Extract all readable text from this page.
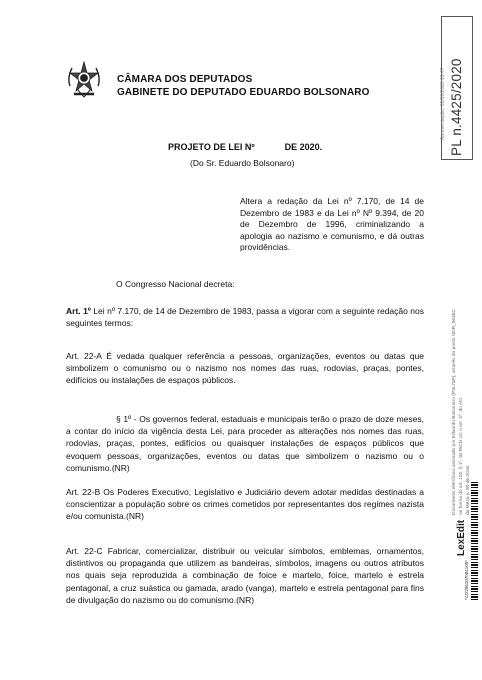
CÂMARA DOS DEPUTADOS
GABINETE DO DEPUTADO EDUARDO BOLSONARO
PROJETO DE LEI Nº            DE 2020.
(Do Sr. Eduardo Bolsonaro)
Altera a redação da Lei nº 7.170, de 14 de Dezembro de 1983 e da Lei nº Nº 9.394, de 20 de Dezembro de 1996, criminalizando a apologia ao nazismo e comunismo, e dá outras providências.
O Congresso Nacional decreta:
Art. 1º Lei nº 7.170, de 14 de Dezembro de 1983, passa a vigorar com a seguinte redação nos seguintes termos:
Art. 22-A É vedada qualquer referência a pessoas, organizações, eventos ou datas que simbolizem o comunismo ou o nazismo nos nomes das ruas, rodovias, praças, pontes, edifícios ou instalações de espaços públicos.
§ 1º - Os governos federal, estaduais e municipais terão o prazo de doze meses, a contar do início da vigência desta Lei, para proceder as alterações nos nomes das ruas, rodovias, praças, pontes, edifícios ou quaisquer instalações de espaços públicos que evoquem pessoas, organizações, eventos ou datas que simbolizem o nazismo ou o comunismo.(NR)
Art. 22-B Os Poderes Executivo, Legislativo e Judiciário devem adotar medidas destinadas a conscientizar a população sobre os crimes cometidos por representantes dos regimes nazista e/ou comunista.(NR)
Art. 22-C Fabricar, comercializar, distribuir ou veicular símbolos, emblemas, ornamentos, distintivos ou propaganda que utilizem as bandeiras, símbolos, imagens ou outros atributos nos quais seja reproduzida a combinação de foice e martelo, foice, martelo e estrela pentagonal, a cruz suástica ou gamada, arado (vanga), martelo e estrela pentagonal para fins de divulgação do nazismo ou do comunismo.(NR)
PL n.4425/2020
Apresentação: 01/09/2020 19:47
Documento eletrônico assinado por Eduardo Bolsonaro (PSL/SP), através do ponto SDR_56352, na forma do art. 102, § 1º, do RICD c/c o art. 2º, do Ato da Mesa n. 80 de 2016.
LexEdit
*CD206107084100*
